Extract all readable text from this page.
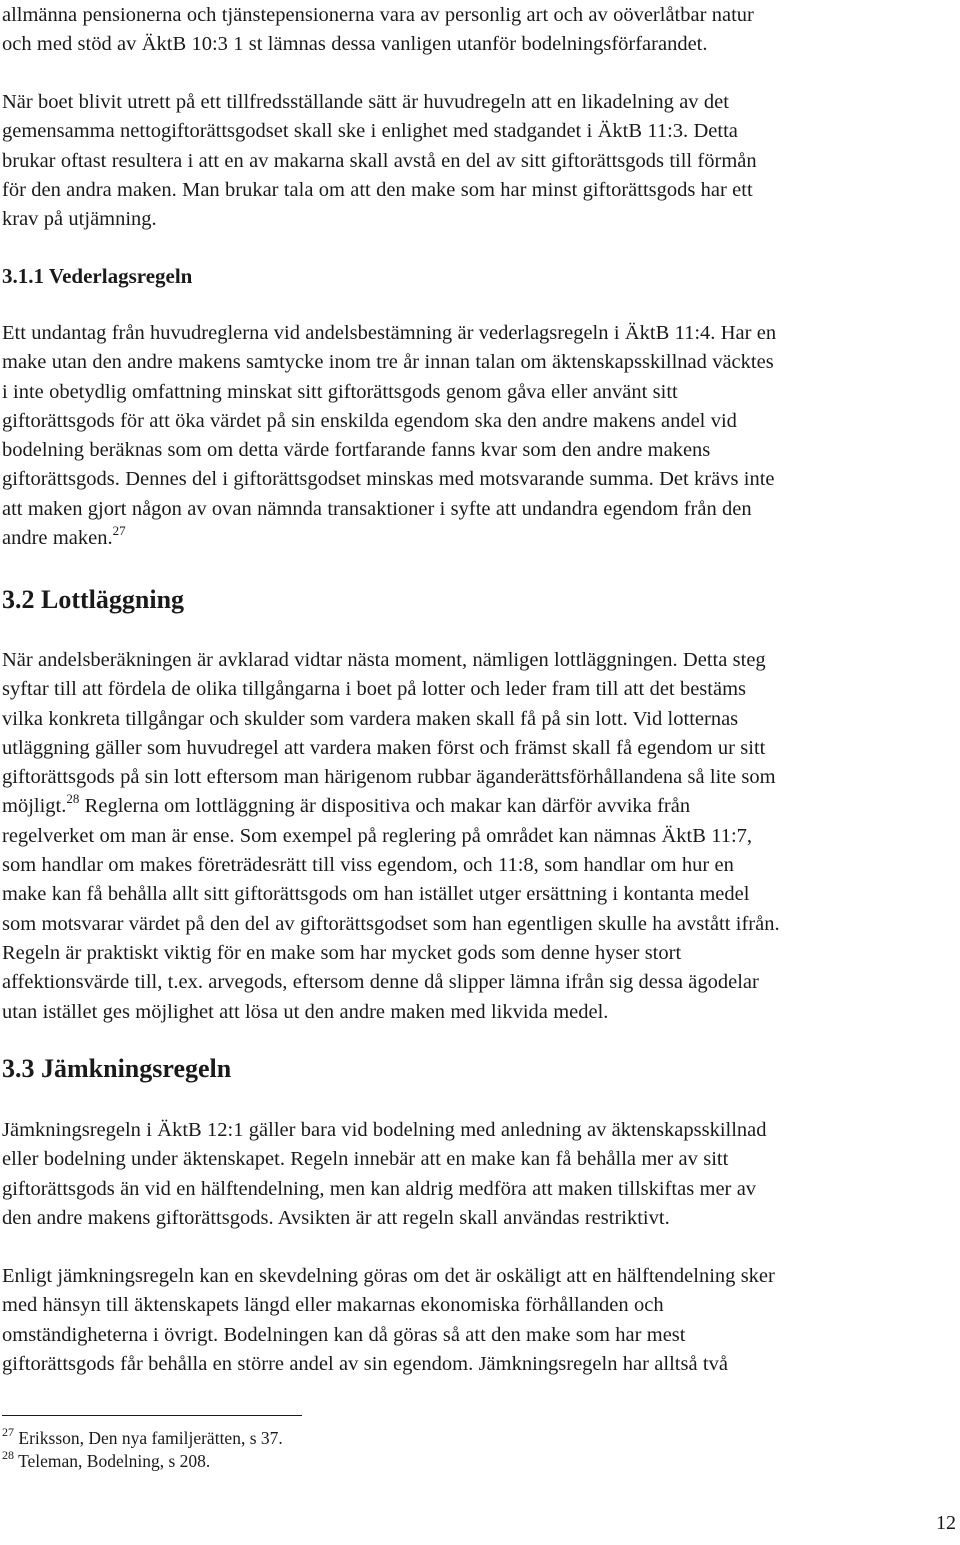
allmänna pensionerna och tjänstepensionerna vara av personlig art och av oöverlåtbar natur
och med stöd av ÄktB 10:3 1 st lämnas dessa vanligen utanför bodelningsförfarandet.
När boet blivit utrett på ett tillfredsställande sätt är huvudregeln att en likadelning av det
gemensamma nettogiftorättsgodset skall ske i enlighet med stadgandet i ÄktB 11:3. Detta
brukar oftast resultera i att en av makarna skall avstå en del av sitt giftorättsgods till förmån
för den andra maken. Man brukar tala om att den make som har minst giftorättsgods har ett
krav på utjämning.
3.1.1 Vederlagsregeln
Ett undantag från huvudreglerna vid andelsbestämning är vederlagsregeln i ÄktB 11:4. Har en
make utan den andre makens samtycke inom tre år innan talan om äktenskapsskillnad väcktes
i inte obetydlig omfattning minskat sitt giftorättsgods genom gåva eller använt sitt
giftorättsgods för att öka värdet på sin enskilda egendom ska den andre makens andel vid
bodelning beräknas som om detta värde fortfarande fanns kvar som den andre makens
giftorättsgods. Dennes del i giftorättsgodset minskas med motsvarande summa. Det krävs inte
att maken gjort någon av ovan nämnda transaktioner i syfte att undandra egendom från den
andre maken.$^{27}$
3.2 Lottläggning
När andelsberäkningen är avklarad vidtar nästa moment, nämligen lottläggningen. Detta steg
syftar till att fördela de olika tillgångarna i boet på lotter och leder fram till att det bestäms
vilka konkreta tillgångar och skulder som vardera maken skall få på sin lott. Vid lotternas
utläggning gäller som huvudregel att vardera maken först och främst skall få egendom ur sitt
giftorättsgods på sin lott eftersom man härigenom rubbar äganderättsförhållandena så lite som
möjligt.$^{28}$ Reglerna om lottläggning är dispositiva och makar kan därför avvika från
regelverket om man är ense. Som exempel på reglering på området kan nämnas ÄktB 11:7,
som handlar om makes företrädesrätt till viss egendom, och 11:8, som handlar om hur en
make kan få behålla allt sitt giftorättsgods om han istället utger ersättning i kontanta medel
som motsvarar värdet på den del av giftorättsgodset som han egentligen skulle ha avstått ifrån.
Regeln är praktiskt viktig för en make som har mycket gods som denne hyser stort
affektionsvärde till, t.ex. arvegods, eftersom denne då slipper lämna ifrån sig dessa ägodelar
utan istället ges möjlighet att lösa ut den andre maken med likvida medel.
3.3 Jämkningsregeln
Jämkningsregeln i ÄktB 12:1 gäller bara vid bodelning med anledning av äktenskapsskillnad
eller bodelning under äktenskapet. Regeln innebär att en make kan få behålla mer av sitt
giftorättsgods än vid en hälftendelning, men kan aldrig medföra att maken tillskiftas mer av
den andre makens giftorättsgods. Avsikten är att regeln skall användas restriktivt.
Enligt jämkningsregeln kan en skevdelning göras om det är oskäligt att en hälftendelning sker
med hänsyn till äktenskapets längd eller makarnas ekonomiska förhållanden och
omständigheterna i övrigt. Bodelningen kan då göras så att den make som har mest
giftorättsgods får behålla en större andel av sin egendom. Jämkningsregeln har alltså två

$^{27}$ Eriksson, Den nya familjerätten, s 37.

$^{28}$ Teleman, Bodelning, s 208.

12
